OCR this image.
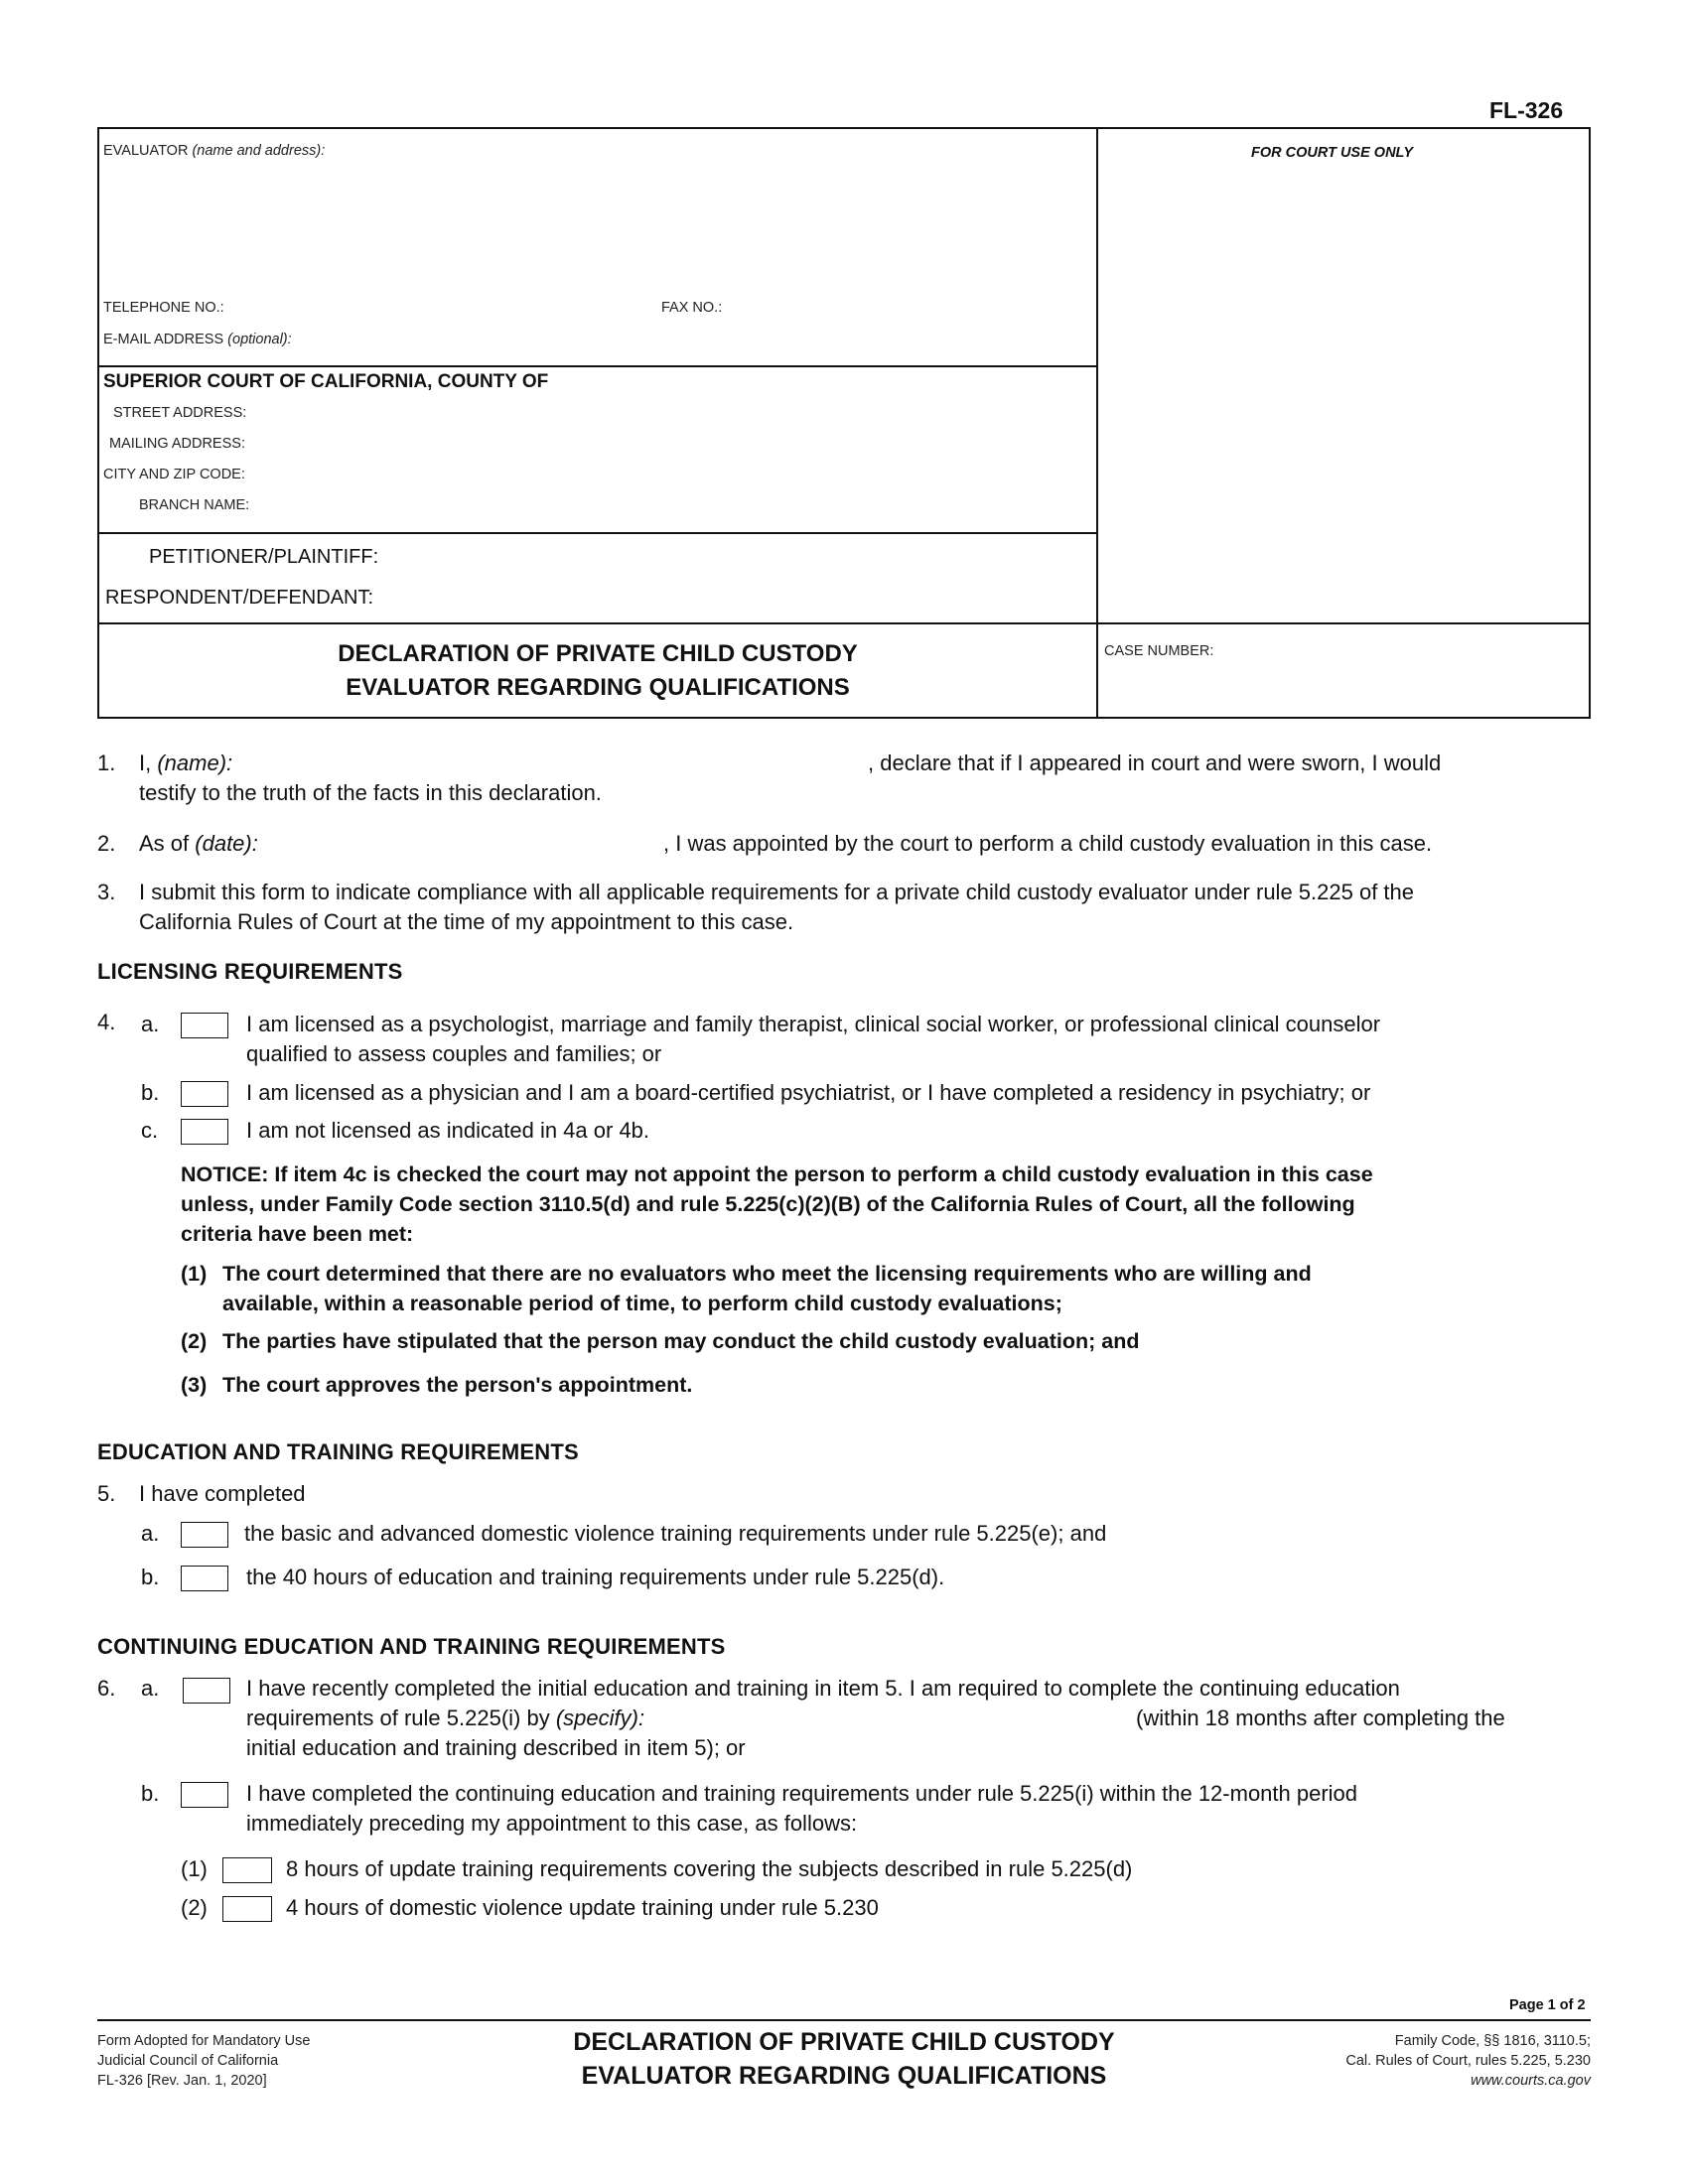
FL-326
EVALUATOR (name and address):
TELEPHONE NO.:	FAX NO.:
E-MAIL ADDRESS (optional):
FOR COURT USE ONLY
SUPERIOR COURT OF CALIFORNIA, COUNTY OF
STREET ADDRESS:
MAILING ADDRESS:
CITY AND ZIP CODE:
BRANCH NAME:
PETITIONER/PLAINTIFF:
RESPONDENT/DEFENDANT:
DECLARATION OF PRIVATE CHILD CUSTODY
EVALUATOR REGARDING QUALIFICATIONS
CASE NUMBER:
1. I, (name):	, declare that if I appeared in court and were sworn, I would
testify to the truth of the facts in this declaration.
2. As of (date):	, I was appointed by the court to perform a child custody evaluation in this case.
3. I submit this form to indicate compliance with all applicable requirements for a private child custody evaluator under rule 5.225 of the
California Rules of Court at the time of my appointment to this case.
LICENSING REQUIREMENTS
4. a.	I am licensed as a psychologist, marriage and family therapist, clinical social worker, or professional clinical counselor
qualified to assess couples and families; or
b.	I am licensed as a physician and I am a board-certified psychiatrist, or I have completed a residency in psychiatry; or
c.	I am not licensed as indicated in 4a or 4b.
NOTICE: If item 4c is checked the court may not appoint the person to perform a child custody evaluation in this case
unless, under Family Code section 3110.5(d) and rule 5.225(c)(2)(B) of the California Rules of Court, all the following
criteria have been met:
(1) The court determined that there are no evaluators who meet the licensing requirements who are willing and
available, within a reasonable period of time, to perform child custody evaluations;
(2) The parties have stipulated that the person may conduct the child custody evaluation; and
(3) The court approves the person's appointment.
EDUCATION AND TRAINING REQUIREMENTS
5. I have completed
a.	the basic and advanced domestic violence training requirements under rule 5.225(e); and
b.	the 40 hours of education and training requirements under rule 5.225(d).
CONTINUING EDUCATION AND TRAINING REQUIREMENTS
6. a.	I have recently completed the initial education and training in item 5. I am required to complete the continuing education
requirements of rule 5.225(i) by (specify):	(within 18 months after completing the
initial education and training described in item 5); or
b.	I have completed the continuing education and training requirements under rule 5.225(i) within the 12-month period
immediately preceding my appointment to this case, as follows:
(1)	8 hours of update training requirements covering the subjects described in rule 5.225(d)
(2)	4 hours of domestic violence update training under rule 5.230
Page 1 of 2
Form Adopted for Mandatory Use
Judicial Council of California
FL-326 [Rev. Jan. 1, 2020]
DECLARATION OF PRIVATE CHILD CUSTODY
EVALUATOR REGARDING QUALIFICATIONS
Family Code, §§ 1816, 3110.5;
Cal. Rules of Court, rules 5.225, 5.230
www.courts.ca.gov
